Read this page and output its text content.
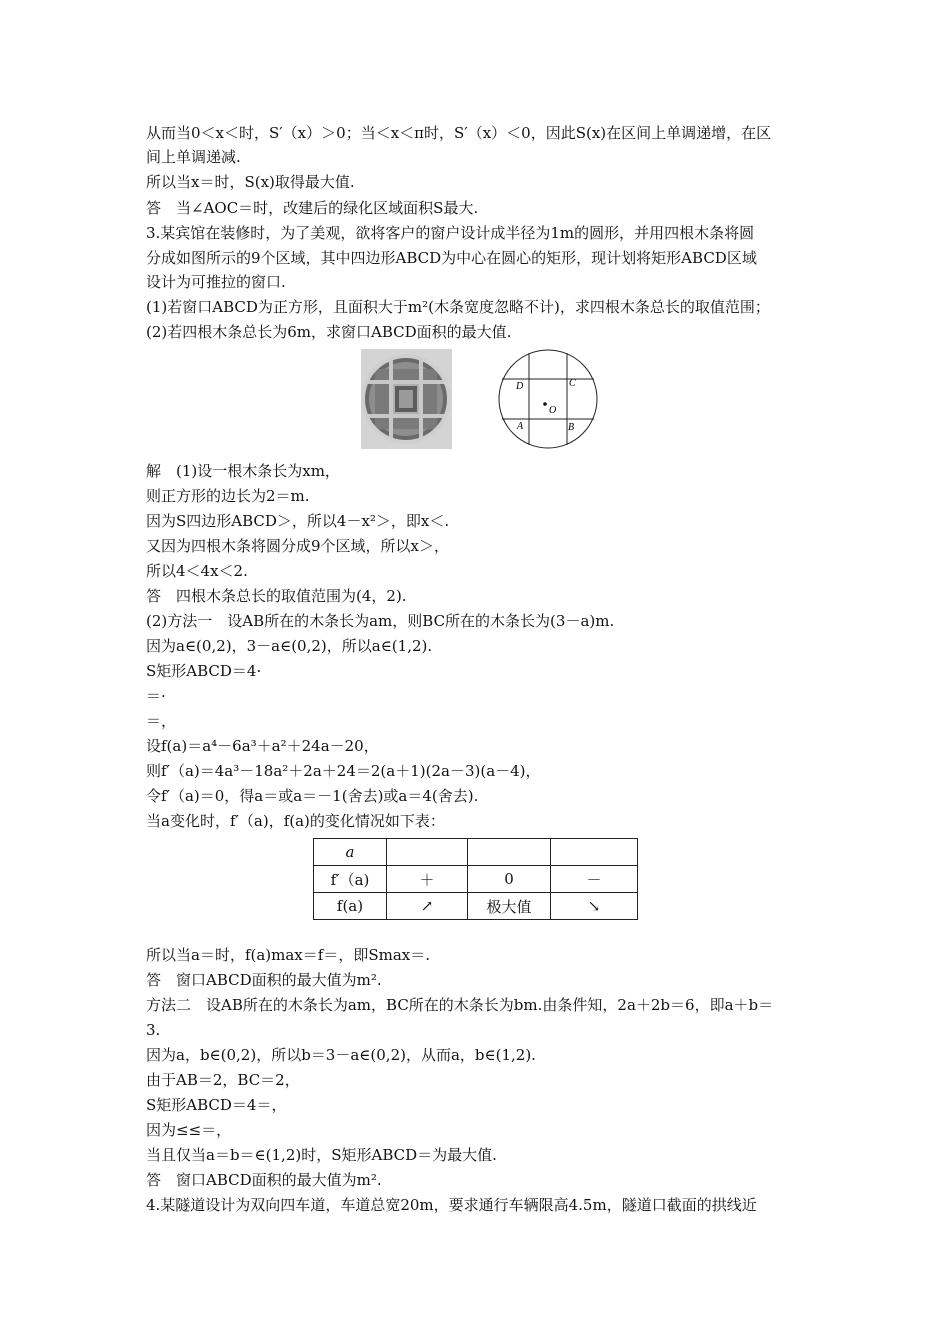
从而当0＜x＜时，S′（x）＞0；当＜x＜π时，S′（x）＜0，因此S(x)在区间上单调递增，在区
间上单调递减.
所以当x＝时，S(x)取得最大值.
答　当∠AOC＝时，改建后的绿化区域面积S最大.
3.某宾馆在装修时，为了美观，欲将客户的窗户设计成半径为1m的圆形，并用四根木条将圆
分成如图所示的9个区域，其中四边形ABCD为中心在圆心的矩形，现计划将矩形ABCD区域
设计为可推拉的窗口.
(1)若窗口ABCD为正方形，且面积大于m²(木条宽度忽略不计)，求四根木条总长的取值范围；
(2)若四根木条总长为6m，求窗口ABCD面积的最大值.
D	C
O
A	B
解　(1)设一根木条长为xm，
则正方形的边长为2＝m.
因为S四边形ABCD＞，所以4－x²＞，即x＜.
又因为四根木条将圆分成9个区域，所以x＞，
所以4＜4x＜2.
答　四根木条总长的取值范围为(4，2).
(2)方法一　设AB所在的木条长为am，则BC所在的木条长为(3－a)m.
因为a∈(0,2)，3－a∈(0,2)，所以a∈(1,2).
S矩形ABCD＝4·
＝·
＝，
设f(a)＝a⁴－6a³＋a²＋24a－20，
则f′（a)＝4a³－18a²＋2a＋24＝2(a＋1)(2a－3)(a－4)，
令f′（a)＝0，得a＝或a＝－1(舍去)或a＝4(舍去).
当a变化时，f′（a)，f(a)的变化情况如下表：
a			
f′（a)	＋	0	－
f(a)	↗	极大值	↘
所以当a＝时，f(a)max＝f＝，即Smax＝.
答　窗口ABCD面积的最大值为m².
方法二　设AB所在的木条长为am，BC所在的木条长为bm.由条件知，2a＋2b＝6，即a＋b＝
3.
因为a，b∈(0,2)，所以b＝3－a∈(0,2)，从而a，b∈(1,2).
由于AB＝2，BC＝2，
S矩形ABCD＝4＝，
因为≤≤＝，
当且仅当a＝b＝∈(1,2)时，S矩形ABCD＝为最大值.
答　窗口ABCD面积的最大值为m².
4.某隧道设计为双向四车道，车道总宽20m，要求通行车辆限高4.5m，隧道口截面的拱线近
